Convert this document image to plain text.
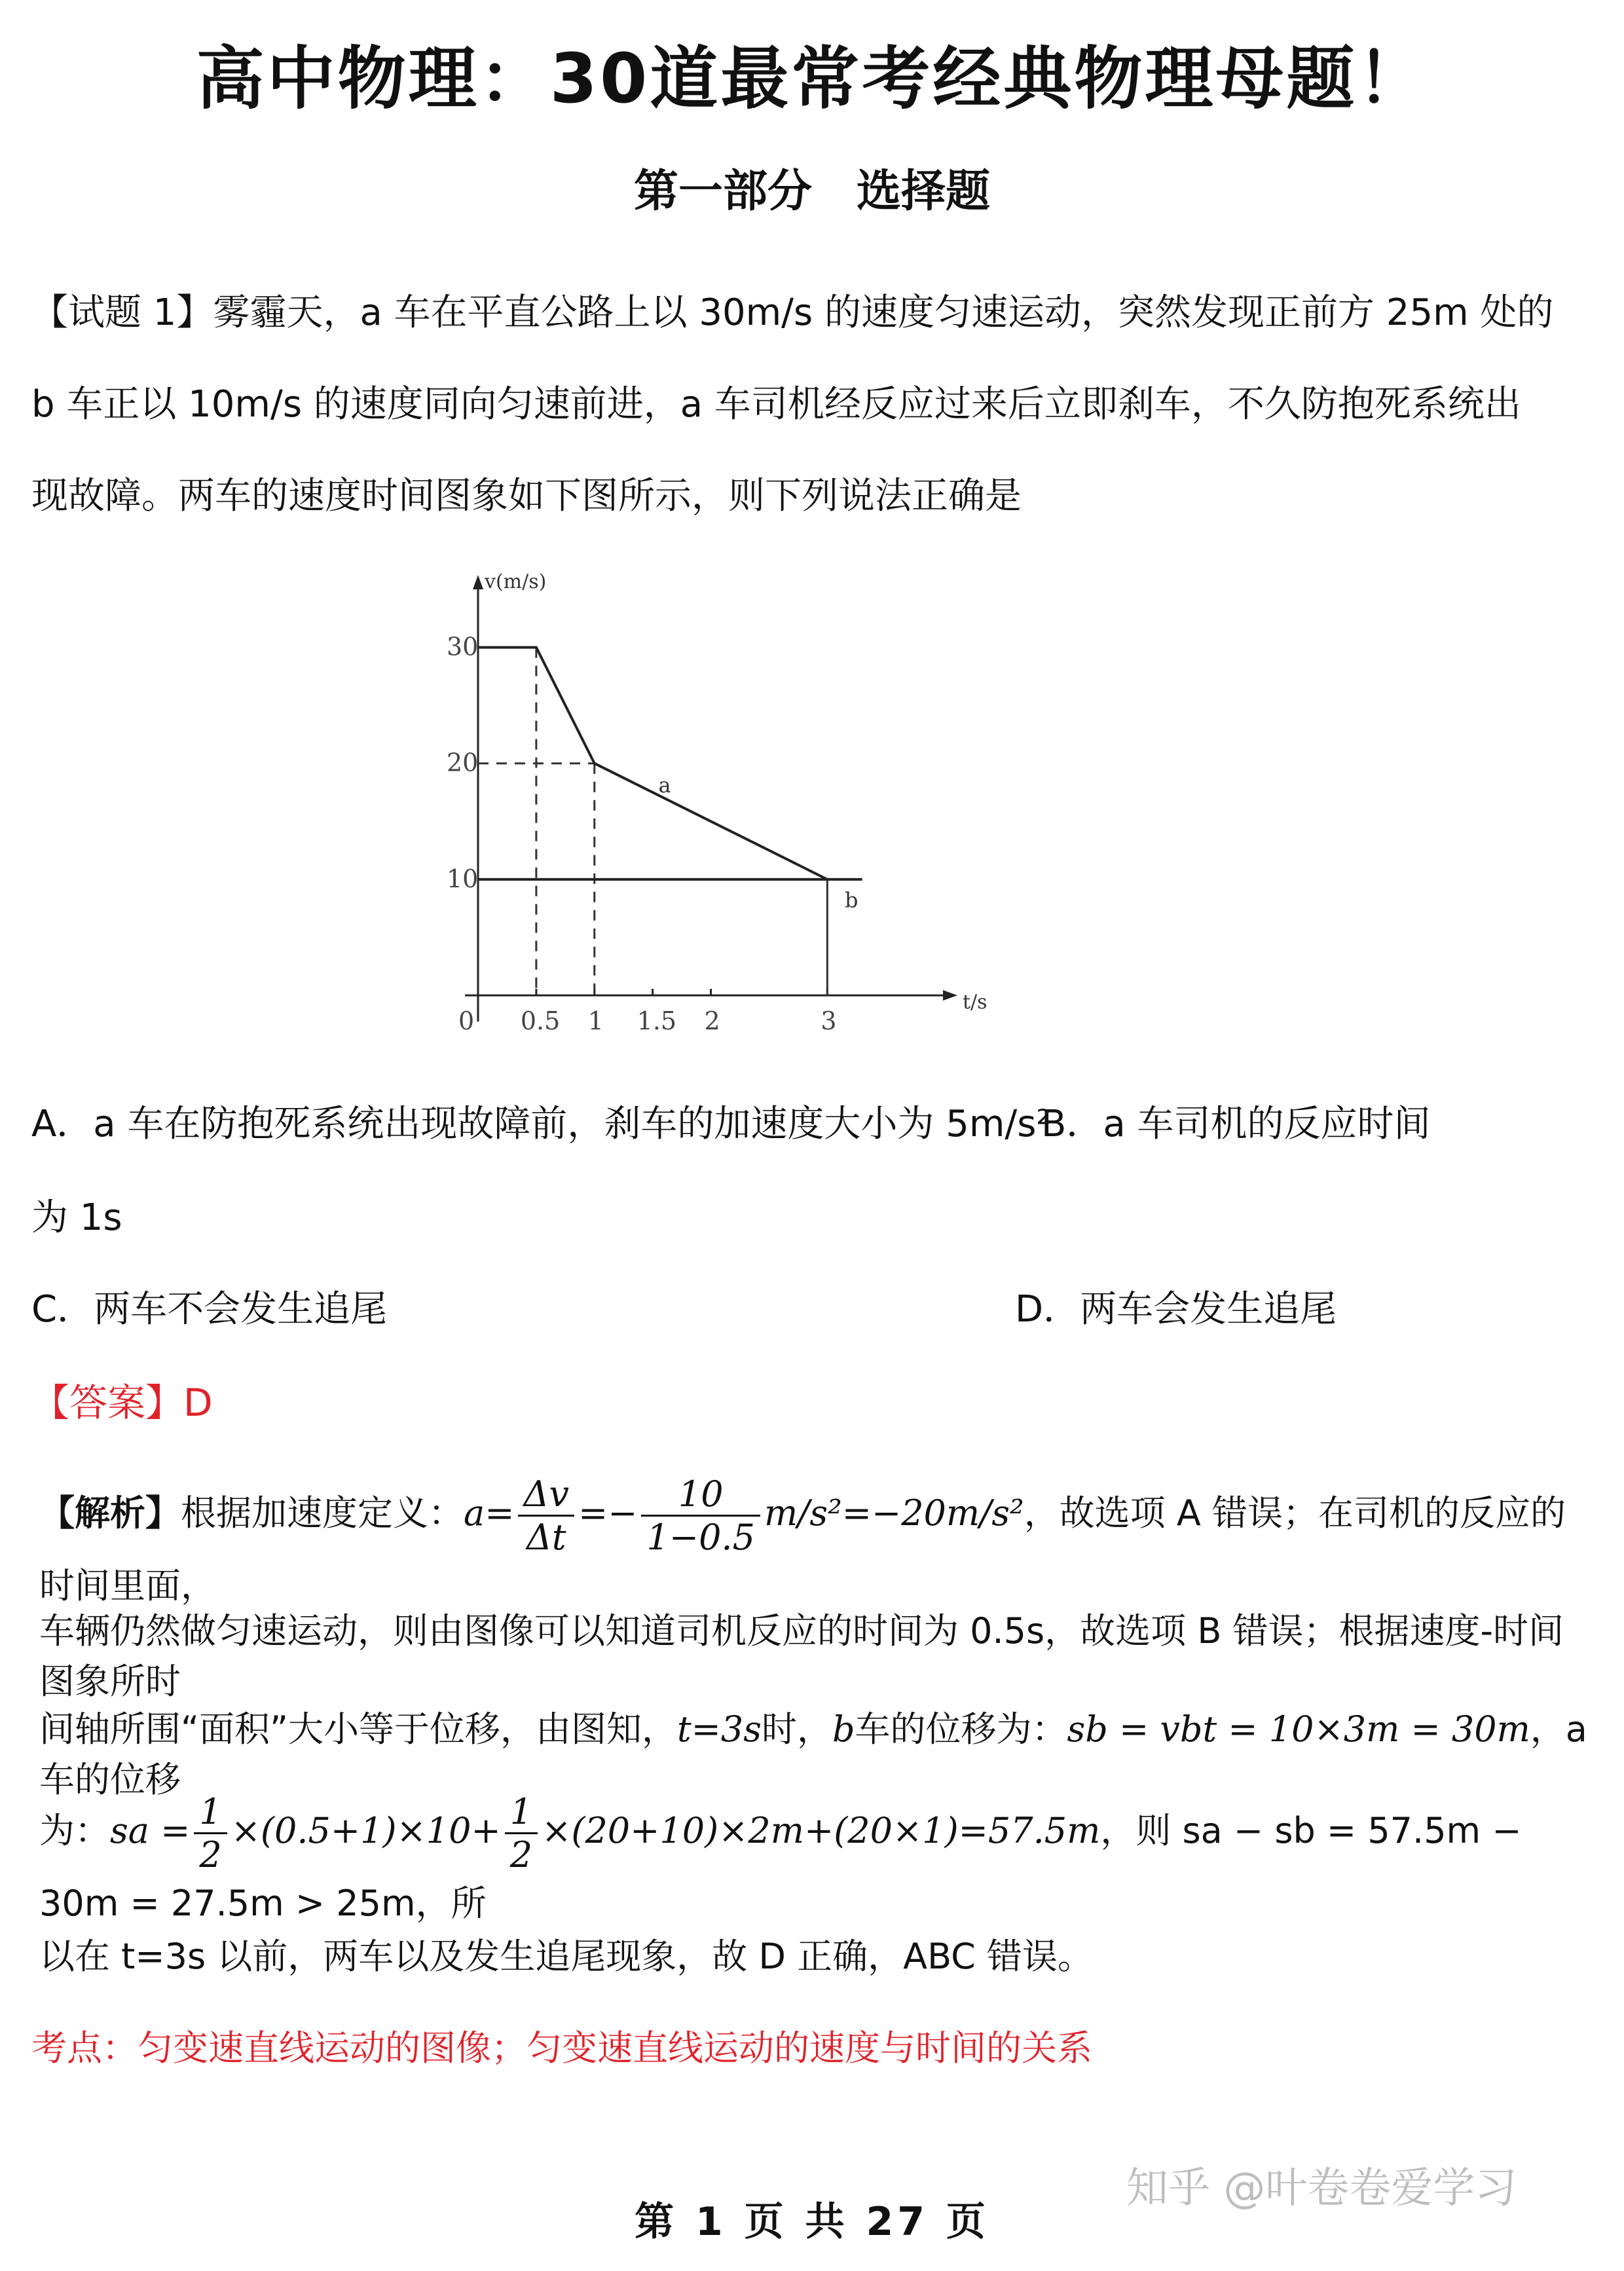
高中物理：30道最常考经典物理母题！
第一部分　选择题
【试题 1】雾霾天，a 车在平直公路上以 30m/s 的速度匀速运动，突然发现正前方 25m 处的
b 车正以 10m/s 的速度同向匀速前进，a 车司机经反应过来后立即刹车，不久防抱死系统出
现故障。两车的速度时间图象如下图所示，则下列说法正确是
v(m/s)
t/s
0 0.5 1 1.5 2	3
10
20
30
a
b
A．a 车在防抱死系统出现故障前，刹车的加速度大小为 5m/s²
B．a 车司机的反应时间
为 1s
C．两车不会发生追尾	D．两车会发生追尾
【答案】D
【解析】根据加速度定义：$a= \frac{\Delta v}{\Delta t} =- \frac{10}{1-0.5} m/s^2=-20m/s^2$，故选项 A 错误；在司机的反应的时间里面，
车辆仍然做匀速运动，则由图像可以知道司机反应的时间为 0.5s，故选项 B 错误；根据速度-时间图象所时
间轴所围“面积”大小等于位移，由图知，t=3s时，b车的位移为：sb = vbt = 10×3m = 30m，a 车的位移
为：sa = $\frac{1}{2} \times(0.5+1)\times 10+ \frac{1}{2} \times(20+10)\times 2m+(20\times 1)=57.5m$，则 sa − sb = 57.5m − 30m = 27.5m > 25m，所
以在 t=3s 以前，两车以及发生追尾现象，故 D 正确，ABC 错误。
考点：匀变速直线运动的图像；匀变速直线运动的速度与时间的关系
知乎 @叶卷卷爱学习
第 1 页 共 27 页
